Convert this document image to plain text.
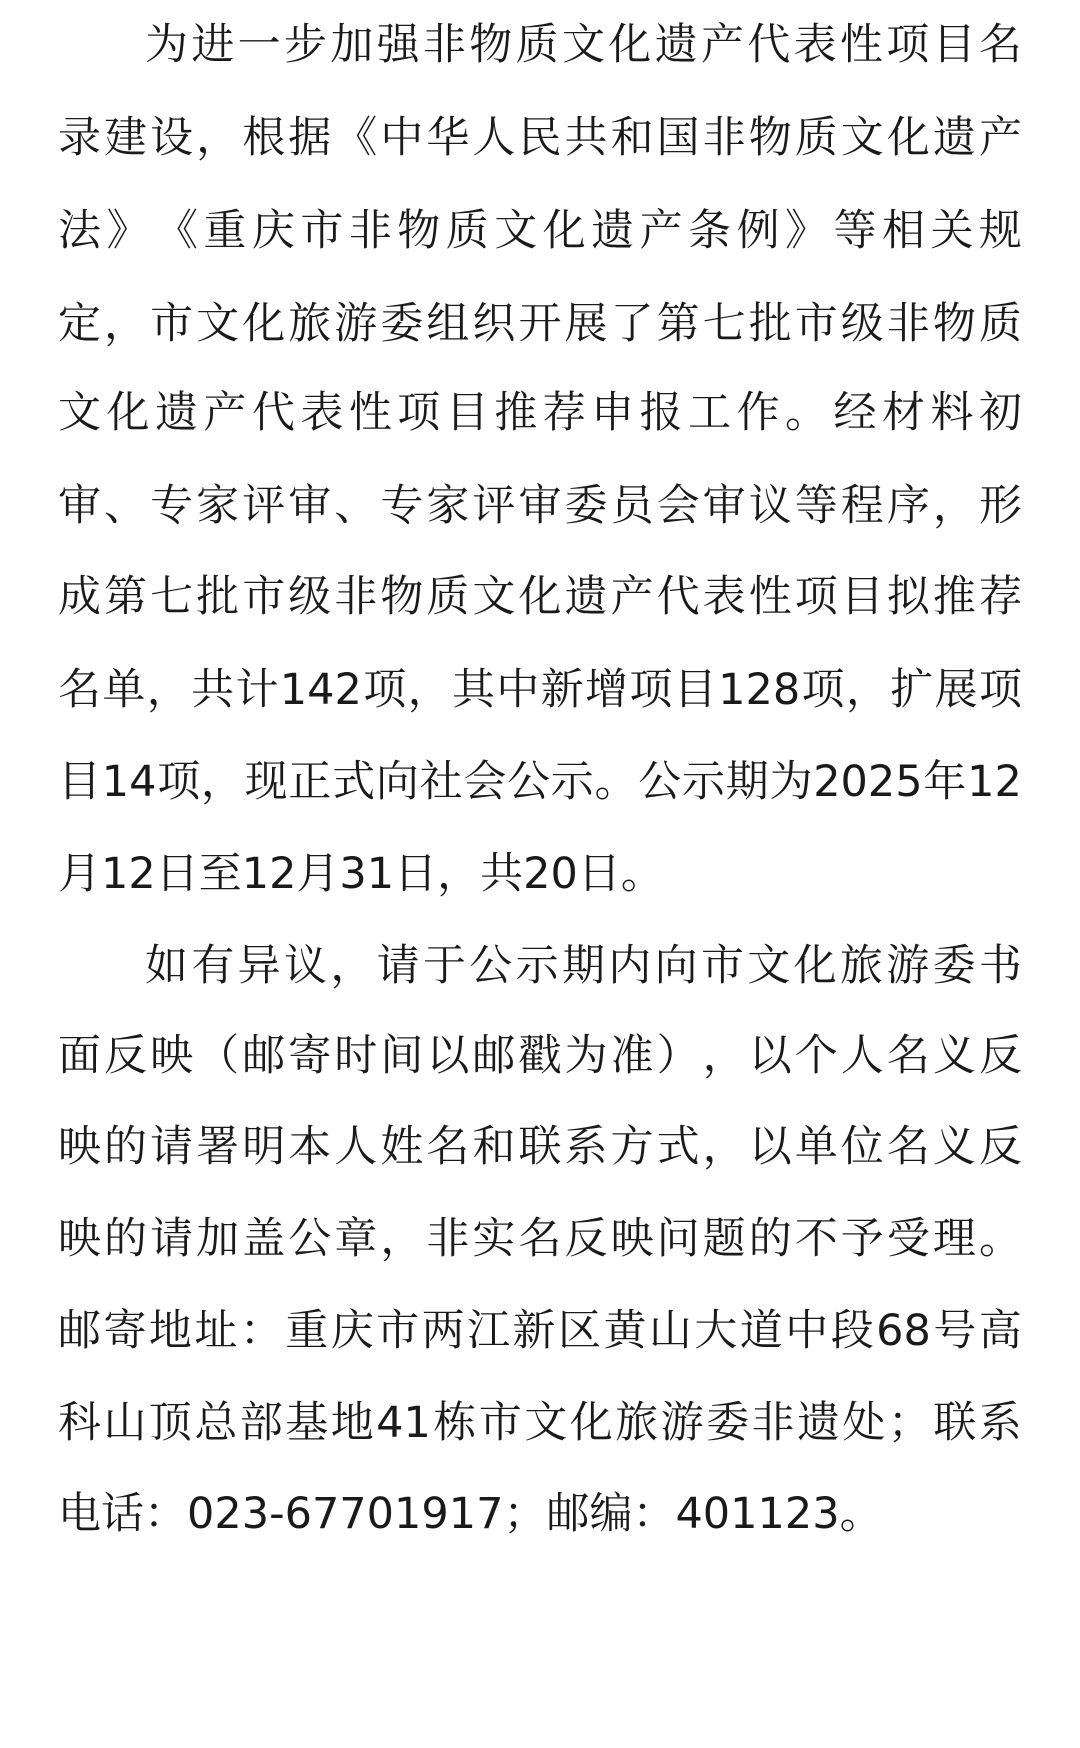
为 进 一 步 加 强 非 物 质 文 化 遗 产 代 表 性 项 目 名
录 建 设 ， 根 据 《 中 华 人 民 共 和 国 非 物 质 文 化 遗 产
法 》 《 重 庆 市 非 物 质 文 化 遗 产 条 例 》 等 相 关 规
定 ， 市 文 化 旅 游 委 组 织 开 展 了 第 七 批 市 级 非 物 质
文 化 遗 产 代 表 性 项 目 推 荐 申 报 工 作 。 经 材 料 初
审 、 专 家 评 审 、 专 家 评 审 委 员 会 审 议 等 程 序 ， 形
成 第 七 批 市 级 非 物 质 文 化 遗 产 代 表 性 项 目 拟 推 荐
名 单 ， 共 计 142 项 ， 其 中 新 增 项 目 128 项 ， 扩 展 项
目 14 项 ， 现 正 式 向 社 会 公 示 。 公 示 期 为 2025 年 12
月12日至12月31日，共20日。
如 有 异 议 ， 请 于 公 示 期 内 向 市 文 化 旅 游 委 书
面 反 映 （ 邮 寄 时 间 以 邮 戳 为 准 ） ， 以 个 人 名 义 反
映 的 请 署 明 本 人 姓 名 和 联 系 方 式 ， 以 单 位 名 义 反
映 的 请 加 盖 公 章 ， 非 实 名 反 映 问 题 的 不 予 受 理 。
邮 寄 地 址 ： 重 庆 市 两 江 新 区 黄 山 大 道 中 段 68 号 高
科 山 顶 总 部 基 地 41 栋 市 文 化 旅 游 委 非 遗 处 ； 联 系
电话：023-67701917；邮编：401123。
